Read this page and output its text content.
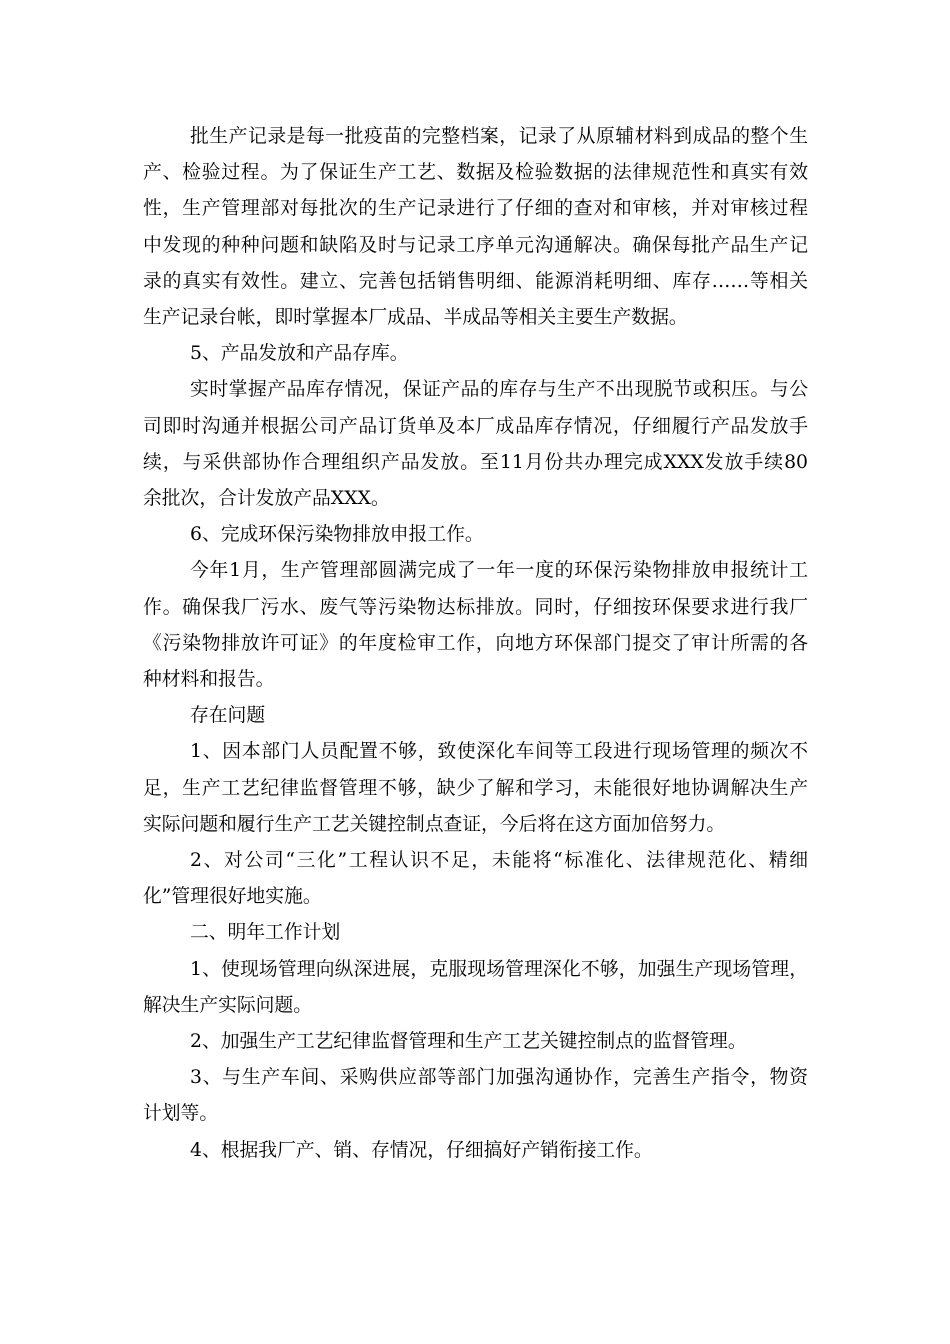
批生产记录是每一批疫苗的完整档案，记录了从原辅材料到成品的整个生
产、检验过程。为了保证生产工艺、数据及检验数据的法律规范性和真实有效
性，生产管理部对每批次的生产记录进行了仔细的查对和审核，并对审核过程
中发现的种种问题和缺陷及时与记录工序单元沟通解决。确保每批产品生产记
录的真实有效性。建立、完善包括销售明细、能源消耗明细、库存……等相关
生产记录台帐，即时掌握本厂成品、半成品等相关主要生产数据。
5、产品发放和产品存库。
实时掌握产品库存情况，保证产品的库存与生产不出现脱节或积压。与公
司即时沟通并根据公司产品订货单及本厂成品库存情况，仔细履行产品发放手
续，与采供部协作合理组织产品发放。至11月份共办理完成XXX发放手续80
余批次，合计发放产品XXX。
6、完成环保污染物排放申报工作。
今年1月，生产管理部圆满完成了一年一度的环保污染物排放申报统计工
作。确保我厂污水、废气等污染物达标排放。同时，仔细按环保要求进行我厂
《污染物排放许可证》的年度检审工作，向地方环保部门提交了审计所需的各
种材料和报告。
存在问题
1、因本部门人员配置不够，致使深化车间等工段进行现场管理的频次不
足，生产工艺纪律监督管理不够，缺少了解和学习，未能很好地协调解决生产
实际问题和履行生产工艺关键控制点查证，今后将在这方面加倍努力。
2、对公司“三化”工程认识不足，未能将“标准化、法律规范化、精细
化”管理很好地实施。
二、明年工作计划
1、使现场管理向纵深进展，克服现场管理深化不够，加强生产现场管理，
解决生产实际问题。
2、加强生产工艺纪律监督管理和生产工艺关键控制点的监督管理。
3、与生产车间、采购供应部等部门加强沟通协作，完善生产指令，物资
计划等。
4、根据我厂产、销、存情况，仔细搞好产销衔接工作。
